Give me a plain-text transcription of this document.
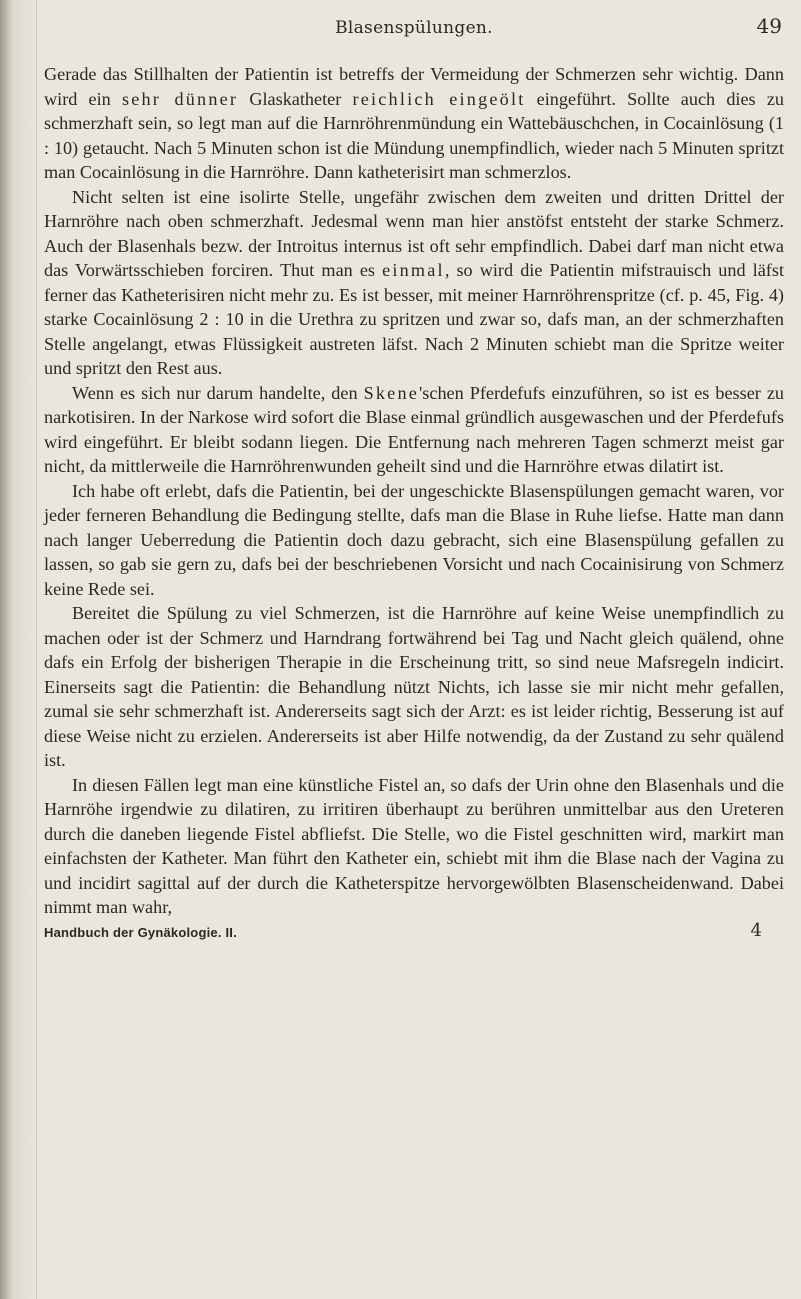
Blasenspülungen.	49

Gerade das Stillhalten der Patientin ist betreffs der Vermeidung der Schmerzen sehr wichtig. Dann wird ein sehr dünner Glaskatheter reichlich eingeölt eingeführt. Sollte auch dies zu schmerzhaft sein, so legt man auf die Harnröhrenmündung ein Wattebäuschchen, in Cocainlösung (1 : 10) getaucht. Nach 5 Minuten schon ist die Mündung unempfindlich, wieder nach 5 Minuten spritzt man Cocainlösung in die Harnröhre. Dann katheterisirt man schmerzlos.

Nicht selten ist eine isolirte Stelle, ungefähr zwischen dem zweiten und dritten Drittel der Harnröhre nach oben schmerzhaft. Jedesmal wenn man hier anstöfst entsteht der starke Schmerz. Auch der Blasenhals bezw. der Introitus internus ist oft sehr empfindlich. Dabei darf man nicht etwa das Vorwärtsschieben forciren. Thut man es einmal, so wird die Patientin mifstrauisch und läfst ferner das Katheterisiren nicht mehr zu. Es ist besser, mit meiner Harnröhrenspritze (cf. p. 45, Fig. 4) starke Cocainlösung 2 : 10 in die Urethra zu spritzen und zwar so, dafs man, an der schmerzhaften Stelle angelangt, etwas Flüssigkeit austreten läfst. Nach 2 Minuten schiebt man die Spritze weiter und spritzt den Rest aus.

Wenn es sich nur darum handelte, den Skene'schen Pferdefufs einzuführen, so ist es besser zu narkotisiren. In der Narkose wird sofort die Blase einmal gründlich ausgewaschen und der Pferdefufs wird eingeführt. Er bleibt sodann liegen. Die Entfernung nach mehreren Tagen schmerzt meist gar nicht, da mittlerweile die Harnröhrenwunden geheilt sind und die Harnröhre etwas dilatirt ist.

Ich habe oft erlebt, dafs die Patientin, bei der ungeschickte Blasenspülungen gemacht waren, vor jeder ferneren Behandlung die Bedingung stellte, dafs man die Blase in Ruhe liefse. Hatte man dann nach langer Ueberredung die Patientin doch dazu gebracht, sich eine Blasenspülung gefallen zu lassen, so gab sie gern zu, dafs bei der beschriebenen Vorsicht und nach Cocainisirung von Schmerz keine Rede sei.

Bereitet die Spülung zu viel Schmerzen, ist die Harnröhre auf keine Weise unempfindlich zu machen oder ist der Schmerz und Harndrang fortwährend bei Tag und Nacht gleich quälend, ohne dafs ein Erfolg der bisherigen Therapie in die Erscheinung tritt, so sind neue Mafsregeln indicirt. Einerseits sagt die Patientin: die Behandlung nützt Nichts, ich lasse sie mir nicht mehr gefallen, zumal sie sehr schmerzhaft ist. Andererseits sagt sich der Arzt: es ist leider richtig, Besserung ist auf diese Weise nicht zu erzielen. Andererseits ist aber Hilfe notwendig, da der Zustand zu sehr quälend ist.

In diesen Fällen legt man eine künstliche Fistel an, so dafs der Urin ohne den Blasenhals und die Harnröhe irgendwie zu dilatiren, zu irritiren überhaupt zu berühren unmittelbar aus den Ureteren durch die daneben liegende Fistel abfliefst. Die Stelle, wo die Fistel geschnitten wird, markirt man einfachsten der Katheter. Man führt den Katheter ein, schiebt mit ihm die Blase nach der Vagina zu und incidirt sagittal auf der durch die Katheterspitze hervorgewölbten Blasenscheidenwand. Dabei nimmt man wahr,

Handbuch der Gynäkologie. II.	4
